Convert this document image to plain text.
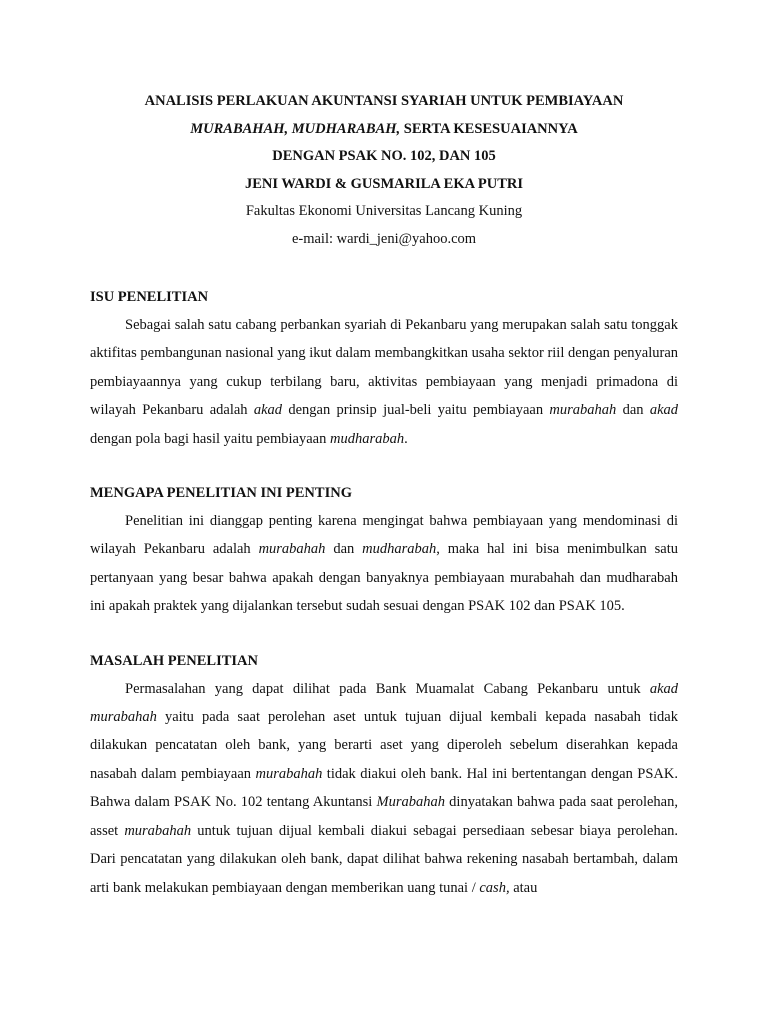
ANALISIS PERLAKUAN AKUNTANSI SYARIAH UNTUK PEMBIAYAAN
MURABAHAH, MUDHARABAH, SERTA KESESUAIANNYA
DENGAN PSAK NO. 102, DAN 105
JENI WARDI & GUSMARILA EKA PUTRI
Fakultas Ekonomi Universitas Lancang Kuning
e-mail: wardi_jeni@yahoo.com

ISU PENELITIAN

Sebagai salah satu cabang perbankan syariah di Pekanbaru yang merupakan salah satu tonggak aktifitas pembangunan nasional yang ikut dalam membangkitkan usaha sektor riil dengan penyaluran pembiayaannya yang cukup terbilang baru, aktivitas pembiayaan yang menjadi primadona di wilayah Pekanbaru adalah akad dengan prinsip jual-beli yaitu pembiayaan murabahah dan akad dengan pola bagi hasil yaitu pembiayaan mudharabah.

MENGAPA PENELITIAN INI PENTING

Penelitian ini dianggap penting karena mengingat bahwa pembiayaan yang mendominasi di wilayah Pekanbaru adalah murabahah dan mudharabah, maka hal ini bisa menimbulkan satu pertanyaan yang besar bahwa apakah dengan banyaknya pembiayaan murabahah dan mudharabah ini apakah praktek yang dijalankan tersebut sudah sesuai dengan PSAK 102 dan PSAK 105.

MASALAH PENELITIAN

Permasalahan yang dapat dilihat pada Bank Muamalat Cabang Pekanbaru untuk akad murabahah yaitu pada saat perolehan aset untuk tujuan dijual kembali kepada nasabah tidak dilakukan pencatatan oleh bank, yang berarti aset yang diperoleh sebelum diserahkan kepada nasabah dalam pembiayaan murabahah tidak diakui oleh bank. Hal ini bertentangan dengan PSAK. Bahwa dalam PSAK No. 102 tentang Akuntansi Murabahah dinyatakan bahwa pada saat perolehan, asset murabahah untuk tujuan dijual kembali diakui sebagai persediaan sebesar biaya perolehan. Dari pencatatan yang dilakukan oleh bank, dapat dilihat bahwa rekening nasabah bertambah, dalam arti bank melakukan pembiayaan dengan memberikan uang tunai / cash, atau
